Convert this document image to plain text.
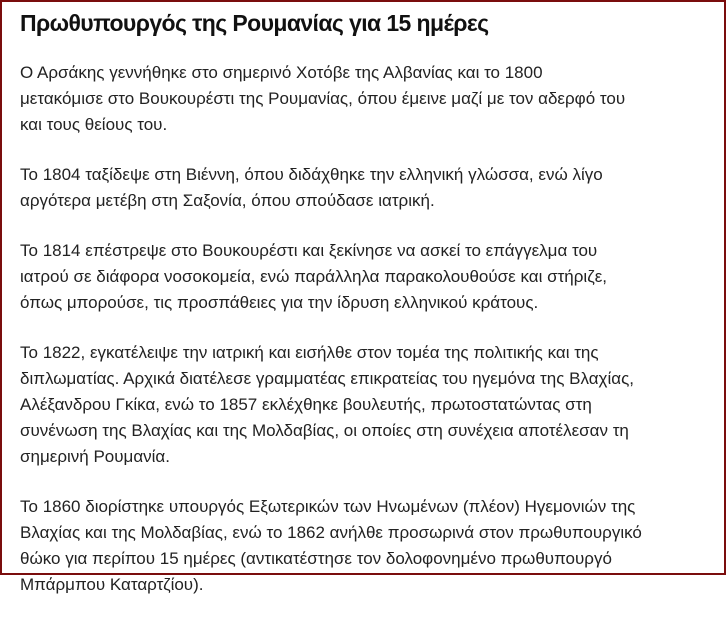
Πρωθυπουργός της Ρουμανίας για 15 ημέρες

Ο Αρσάκης γεννήθηκε στο σημερινό Χοτόβε της Αλβανίας και το 1800
μετακόμισε στο Βουκουρέστι της Ρουμανίας, όπου έμεινε μαζί με τον αδερφό του
και τους θείους του.

Το 1804 ταξίδεψε στη Βιέννη, όπου διδάχθηκε την ελληνική γλώσσα, ενώ λίγο
αργότερα μετέβη στη Σαξονία, όπου σπούδασε ιατρική.

Το 1814 επέστρεψε στο Βουκουρέστι και ξεκίνησε να ασκεί το επάγγελμα του
ιατρού σε διάφορα νοσοκομεία, ενώ παράλληλα παρακολουθούσε και στήριζε,
όπως μπορούσε, τις προσπάθειες για την ίδρυση ελληνικού κράτους.

Το 1822, εγκατέλειψε την ιατρική και εισήλθε στον τομέα της πολιτικής και της
διπλωματίας. Αρχικά διατέλεσε γραμματέας επικρατείας του ηγεμόνα της Βλαχίας,
Αλέξανδρου Γκίκα, ενώ το 1857 εκλέχθηκε βουλευτής, πρωτοστατώντας στη
συνένωση της Βλαχίας και της Μολδαβίας, οι οποίες στη συνέχεια αποτέλεσαν τη
σημερινή Ρουμανία.

Το 1860 διορίστηκε υπουργός Εξωτερικών των Ηνωμένων (πλέον) Ηγεμονιών της
Βλαχίας και της Μολδαβίας, ενώ το 1862 ανήλθε προσωρινά στον πρωθυπουργικό
θώκο για περίπου 15 ημέρες (αντικατέστησε τον δολοφονημένο πρωθυπουργό
Μπάρμπου Καταρτζίου).
